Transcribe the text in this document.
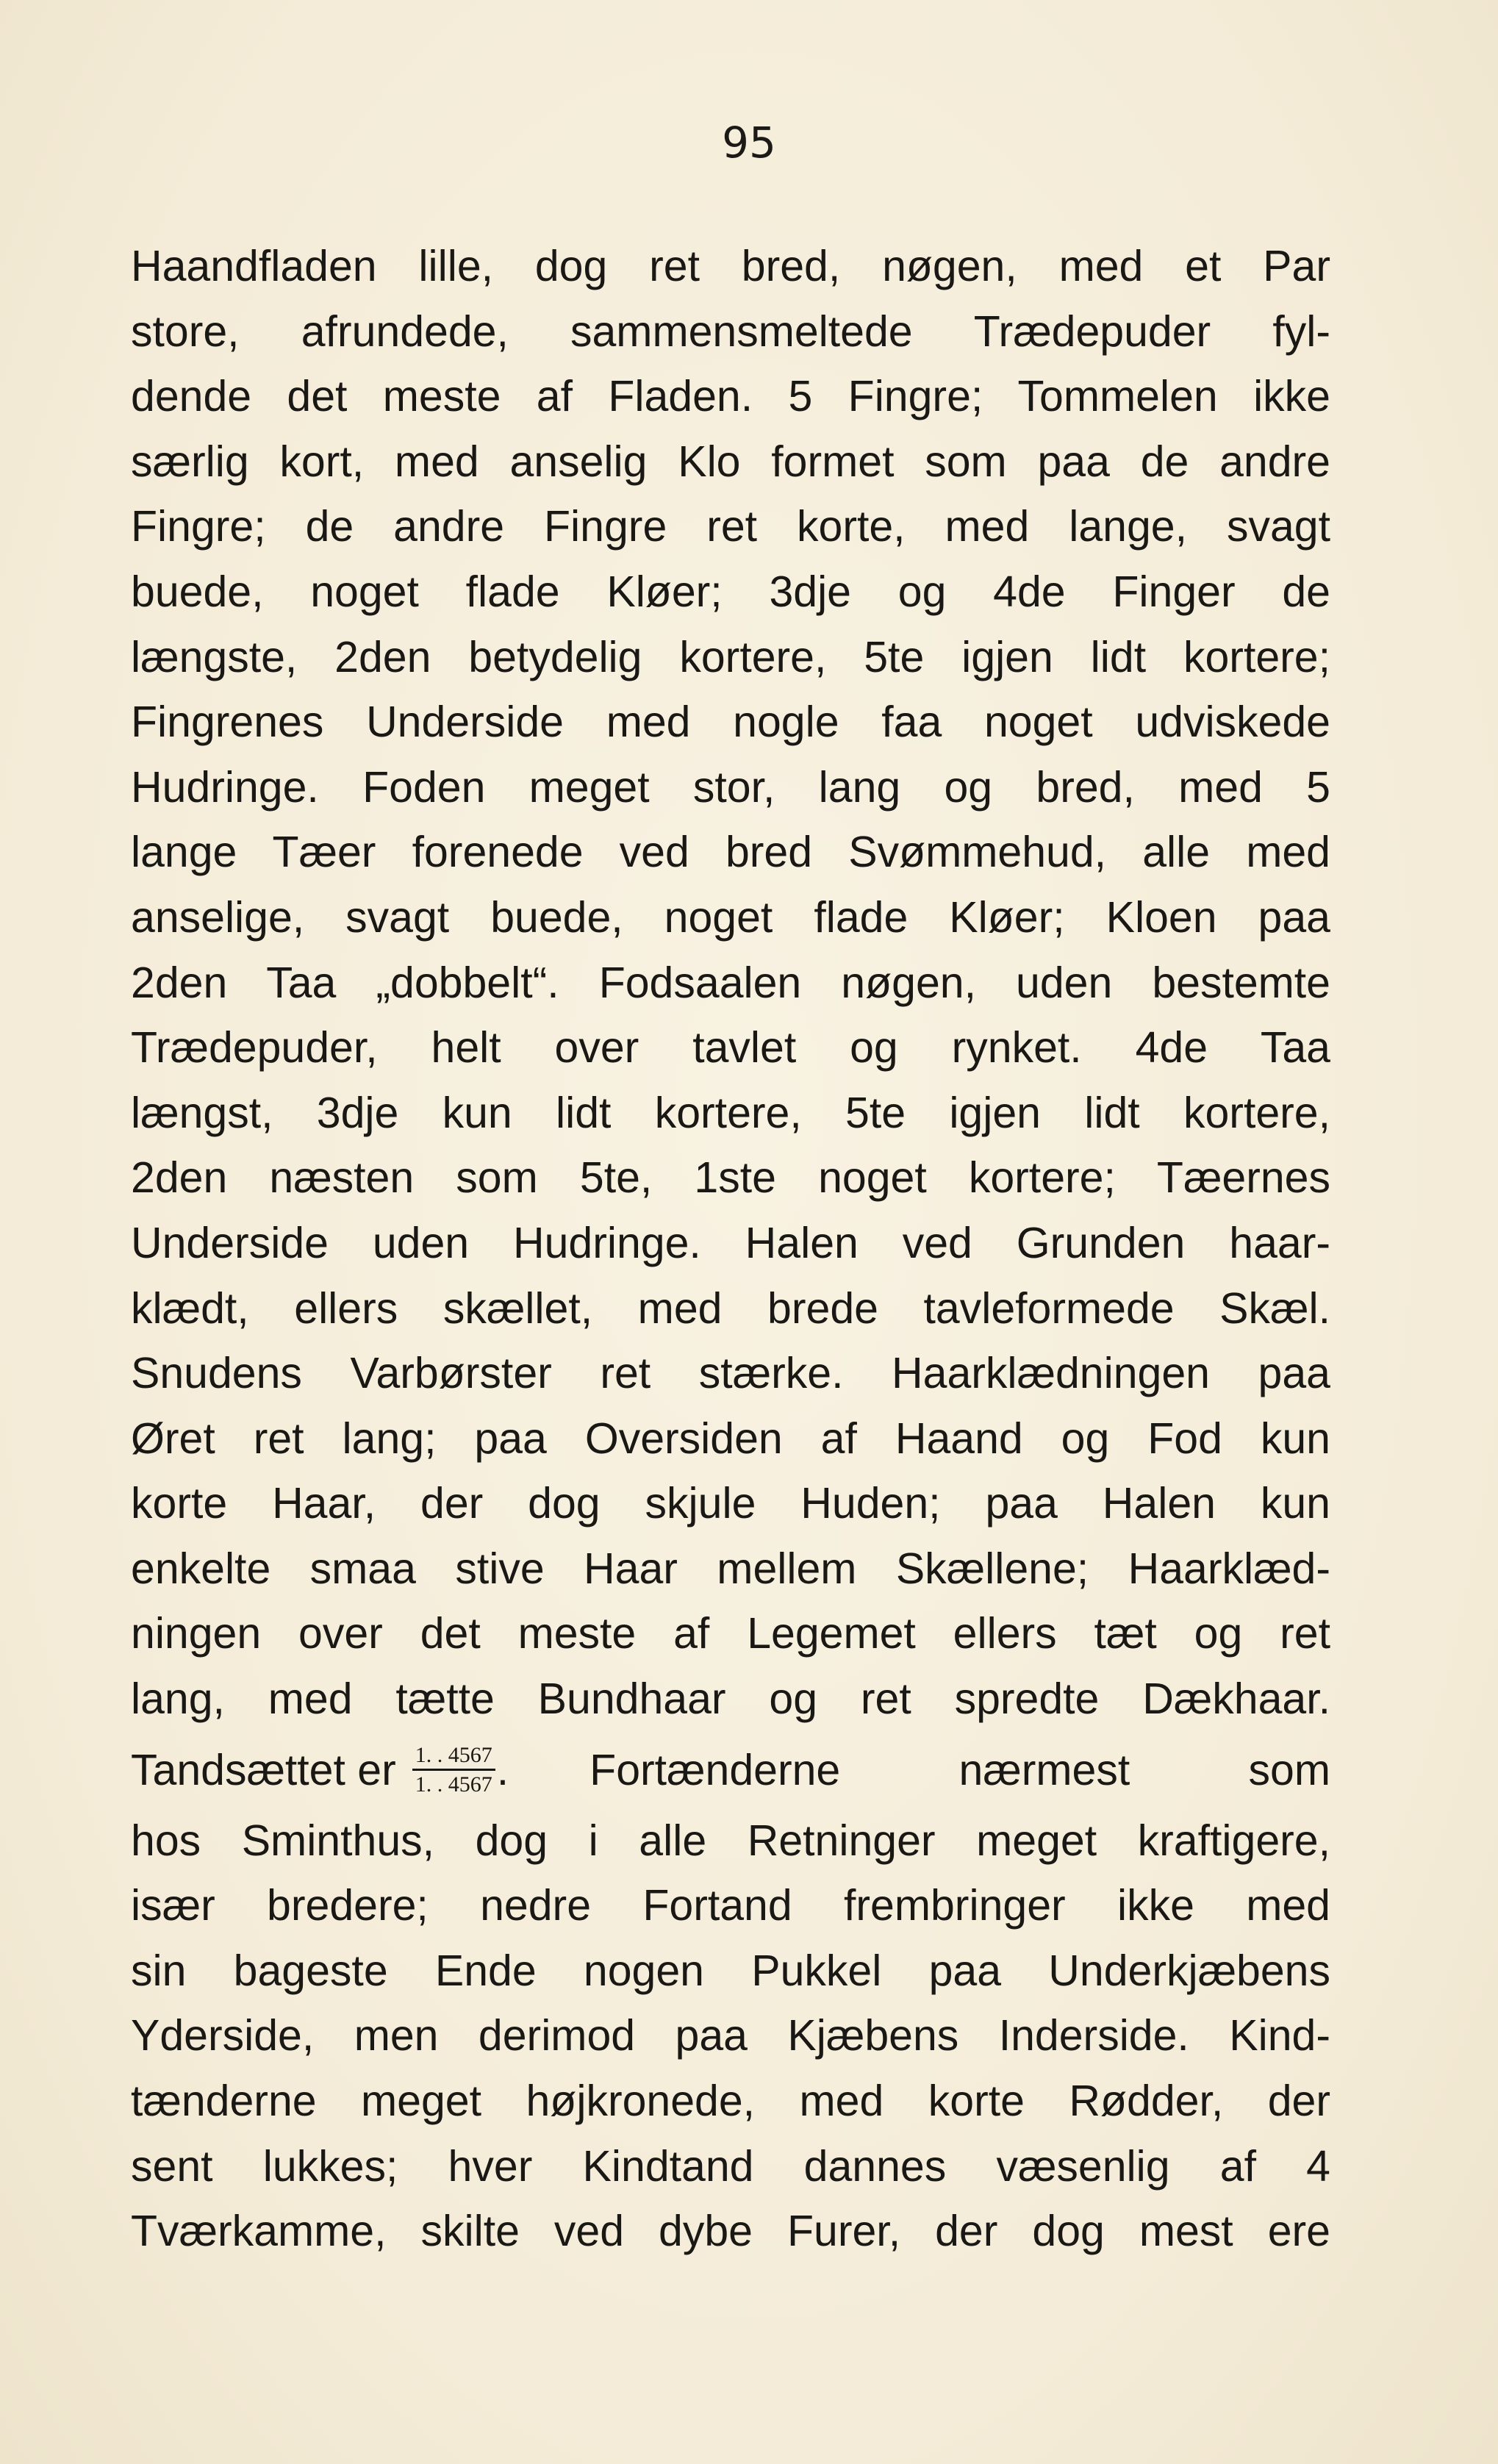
95
Haandfladen lille, dog ret bred, nøgen, med et Par
store, afrundede, sammensmeltede Trædepuder fyl-
dende det meste af Fladen. 5 Fingre; Tommelen ikke
særlig kort, med anselig Klo formet som paa de andre
Fingre; de andre Fingre ret korte, med lange, svagt
buede, noget flade Kløer; 3dje og 4de Finger de
længste, 2den betydelig kortere, 5te igjen lidt kortere;
Fingrenes Underside med nogle faa noget udviskede
Hudringe. Foden meget stor, lang og bred, med 5
lange Tæer forenede ved bred Svømmehud, alle med
anselige, svagt buede, noget flade Kløer; Kloen paa
2den Taa „dobbelt“. Fodsaalen nøgen, uden bestemte
Trædepuder, helt over tavlet og rynket. 4de Taa
længst, 3dje kun lidt kortere, 5te igjen lidt kortere,
2den næsten som 5te, 1ste noget kortere; Tæernes
Underside uden Hudringe. Halen ved Grunden haar-
klædt, ellers skællet, med brede tavleformede Skæl.
Snudens Varbørster ret stærke. Haarklædningen paa
Øret ret lang; paa Oversiden af Haand og Fod kun
korte Haar, der dog skjule Huden; paa Halen kun
enkelte smaa stive Haar mellem Skællene; Haarklæd-
ningen over det meste af Legemet ellers tæt og ret
lang, med tætte Bundhaar og ret spredte Dækhaar.
Tandsættet er $\frac{1. . 4567}{1. . 4567}$ . Fortænderne	nærmest	som
hos Sminthus, dog i alle Retninger meget kraftigere,
især bredere; nedre Fortand frembringer ikke med
sin bageste Ende nogen Pukkel paa Underkjæbens
Yderside, men derimod paa Kjæbens Inderside. Kind-
tænderne meget højkronede, med korte Rødder, der
sent lukkes; hver Kindtand dannes væsenlig af 4
Tværkamme, skilte ved dybe Furer, der dog mest ere
